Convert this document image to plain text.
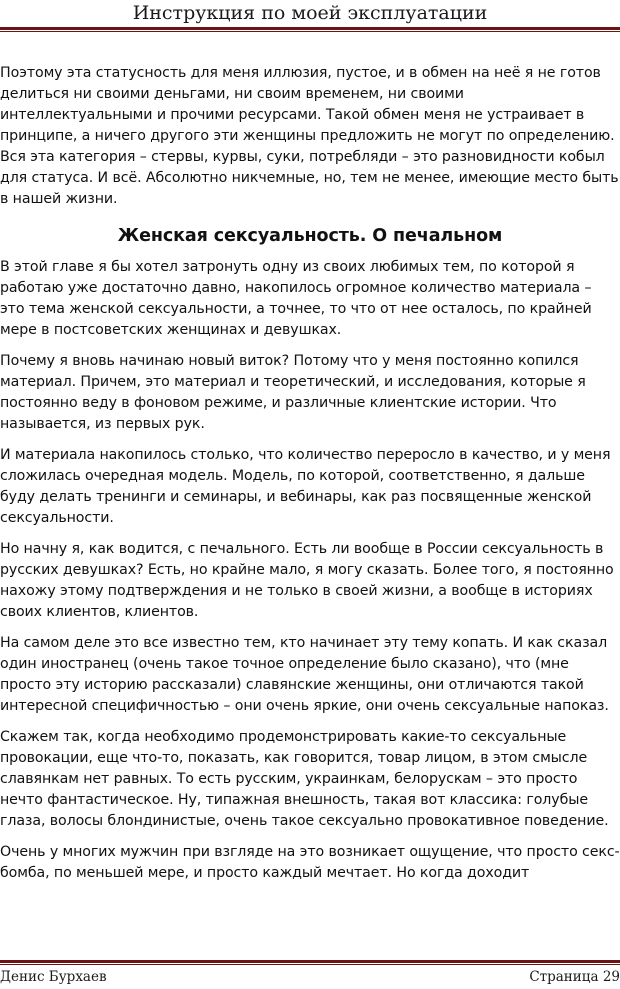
Инструкция по моей эксплуатации

Поэтому эта статусность для меня иллюзия, пустое, и в обмен на неё я не готов делиться ни своими деньгами, ни своим временем, ни своими интеллектуальными и прочими ресурсами. Такой обмен меня не устраивает в принципе, а ничего другого эти женщины предложить не могут по определению. Вся эта категория – стервы, курвы, суки, потребляди – это разновидности кобыл для статуса. И всё. Абсолютно никчемные, но, тем не менее, имеющие место быть в нашей жизни.

Женская сексуальность. О печальном

В этой главе я бы хотел затронуть одну из своих любимых тем, по которой я работаю уже достаточно давно, накопилось огромное количество материала – это тема женской сексуальности, а точнее, то что от нее осталось, по крайней мере в постсоветских женщинах и девушках.

Почему я вновь начинаю новый виток? Потому что у меня постоянно копился материал. Причем, это материал и теоретический, и исследования, которые я постоянно веду в фоновом режиме, и различные клиентские истории. Что называется, из первых рук.

И материала накопилось столько, что количество переросло в качество, и у меня сложилась очередная модель. Модель, по которой, соответственно, я дальше буду делать тренинги и семинары, и вебинары, как раз посвященные женской сексуальности.

Но начну я, как водится, с печального. Есть ли вообще в России сексуальность в русских девушках? Есть, но крайне мало, я могу сказать. Более того, я постоянно нахожу этому подтверждения и не только в своей жизни, а вообще в историях своих клиентов, клиентов.

На самом деле это все известно тем, кто начинает эту тему копать. И как сказал один иностранец (очень такое точное определение было сказано), что (мне просто эту историю рассказали) славянские женщины, они отличаются такой интересной специфичностью – они очень яркие, они очень сексуальные напоказ.

Скажем так, когда необходимо продемонстрировать какие-то сексуальные провокации, еще что-то, показать, как говорится, товар лицом, в этом смысле славянкам нет равных. То есть русским, украинкам, белорускам – это просто нечто фантастическое. Ну, типажная внешность, такая вот классика: голубые глаза, волосы блондинистые, очень такое сексуально провокативное поведение.

Очень у многих мужчин при взгляде на это возникает ощущение, что просто секс-бомба, по меньшей мере, и просто каждый мечтает. Но когда доходит

Денис Бурхаев	Страница 29
